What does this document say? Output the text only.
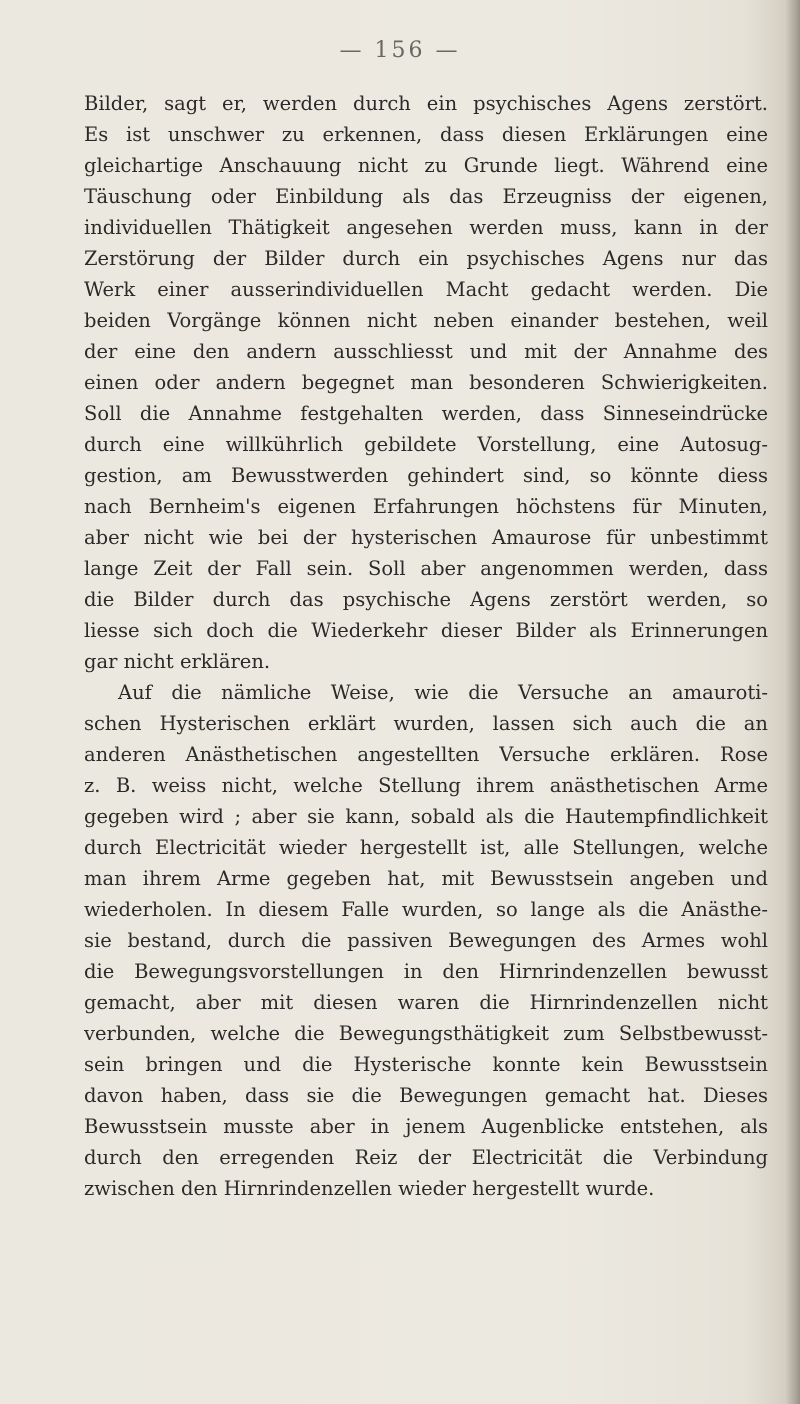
— 156 —
Bilder, sagt er, werden durch ein psychisches Agens zerstört.
Es ist unschwer zu erkennen, dass diesen Erklärungen eine
gleichartige Anschauung nicht zu Grunde liegt. Während eine
Täuschung oder Einbildung als das Erzeugniss der eigenen,
individuellen Thätigkeit angesehen werden muss, kann in der
Zerstörung der Bilder durch ein psychisches Agens nur das
Werk einer ausserindividuellen Macht gedacht werden. Die
beiden Vorgänge können nicht neben einander bestehen, weil
der eine den andern ausschliesst und mit der Annahme des
einen oder andern begegnet man besonderen Schwierigkeiten.
Soll die Annahme festgehalten werden, dass Sinneseindrücke
durch eine willkührlich gebildete Vorstellung, eine Autosug-
gestion, am Bewusstwerden gehindert sind, so könnte diess
nach Bernheim's eigenen Erfahrungen höchstens für Minuten,
aber nicht wie bei der hysterischen Amaurose für unbestimmt
lange Zeit der Fall sein. Soll aber angenommen werden, dass
die Bilder durch das psychische Agens zerstört werden, so
liesse sich doch die Wiederkehr dieser Bilder als Erinnerungen
gar nicht erklären.
Auf die nämliche Weise, wie die Versuche an amauroti-
schen Hysterischen erklärt wurden, lassen sich auch die an
anderen Anästhetischen angestellten Versuche erklären. Rose
z. B. weiss nicht, welche Stellung ihrem anästhetischen Arme
gegeben wird ; aber sie kann, sobald als die Hautempfindlichkeit
durch Electricität wieder hergestellt ist, alle Stellungen, welche
man ihrem Arme gegeben hat, mit Bewusstsein angeben und
wiederholen. In diesem Falle wurden, so lange als die Anästhe-
sie bestand, durch die passiven Bewegungen des Armes wohl
die Bewegungsvorstellungen in den Hirnrindenzellen bewusst
gemacht, aber mit diesen waren die Hirnrindenzellen nicht
verbunden, welche die Bewegungsthätigkeit zum Selbstbewusst-
sein bringen und die Hysterische konnte kein Bewusstsein
davon haben, dass sie die Bewegungen gemacht hat. Dieses
Bewusstsein musste aber in jenem Augenblicke entstehen, als
durch den erregenden Reiz der Electricität die Verbindung
zwischen den Hirnrindenzellen wieder hergestellt wurde.
